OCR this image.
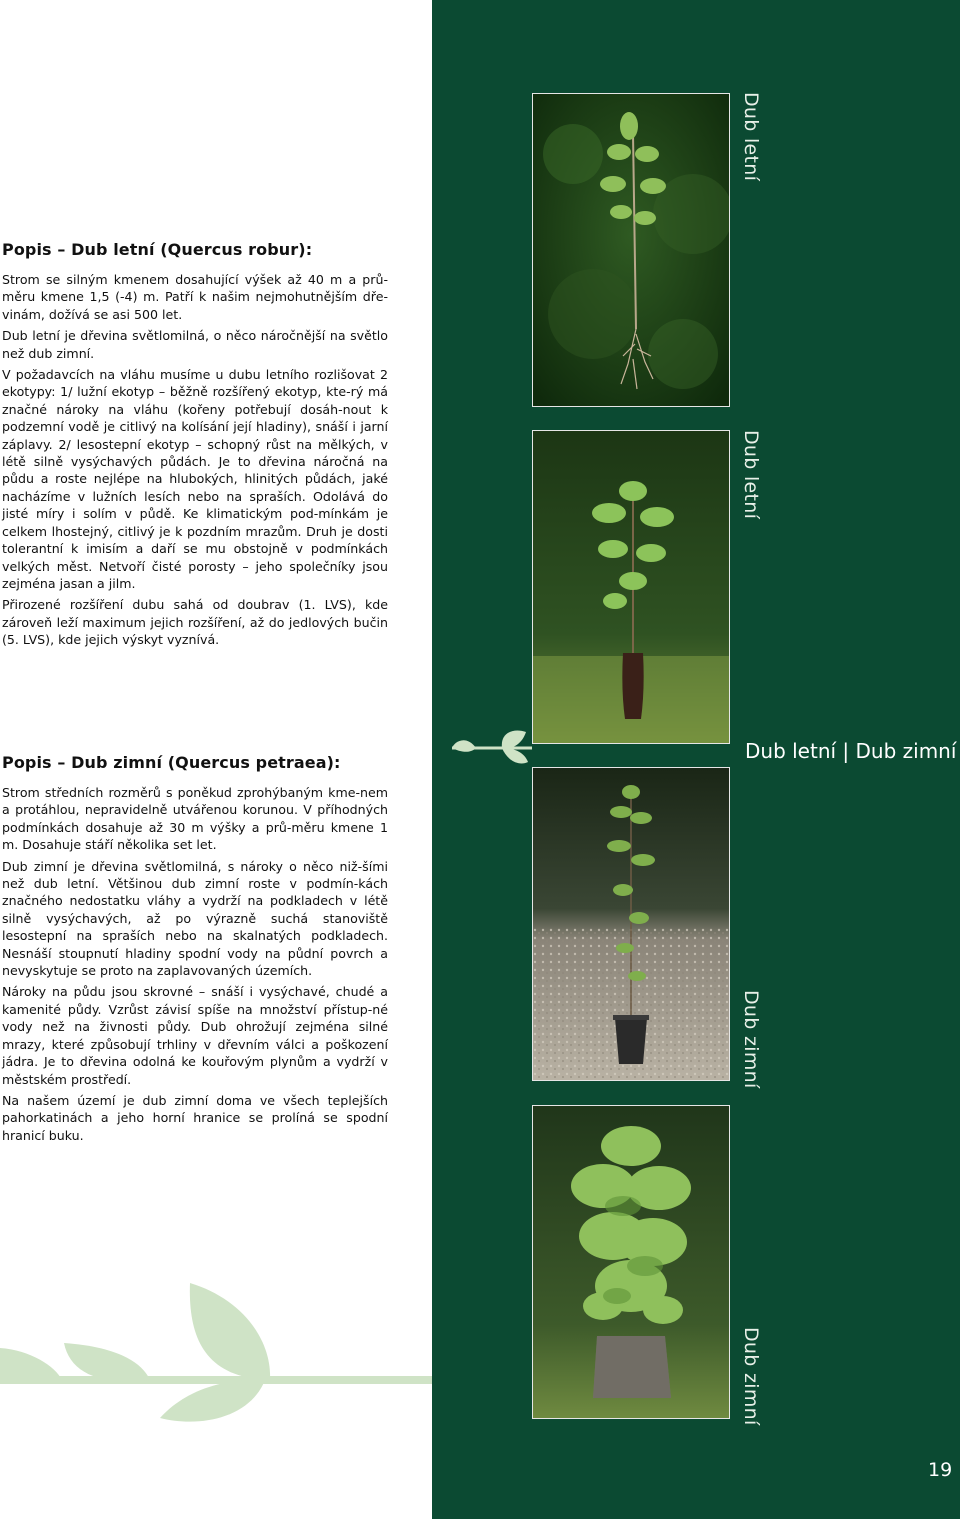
Popis – Dub letní (Quercus robur):

Strom se silným kmenem dosahující výšek až 40 m a prů-měru kmene 1,5 (-4) m. Patří k našim nejmohutnějším dře-vinám, dožívá se asi 500 let.

Dub letní je dřevina světlomilná, o něco náročnější na světlo než dub zimní.

V požadavcích na vláhu musíme u dubu letního rozlišovat 2 ekotypy: 1/ lužní ekotyp – běžně rozšířený ekotyp, kte-rý má značné nároky na vláhu (kořeny potřebují dosáh-nout k podzemní vodě je citlivý na kolísání její hladiny), snáší i jarní záplavy. 2/ lesostepní ekotyp – schopný růst na mělkých, v létě silně vysýchavých půdách. Je to dřevina náročná na půdu a roste nejlépe na hlubokých, hlinitých půdách, jaké nacházíme v lužních lesích nebo na spraších. Odolává do jisté míry i solím v půdě. Ke klimatickým pod-mínkám je celkem lhostejný, citlivý je k pozdním mrazům. Druh je dosti tolerantní k imisím a daří se mu obstojně v podmínkách velkých měst. Netvoří čisté porosty – jeho společníky jsou zejména jasan a jilm.

Přirozené rozšíření dubu sahá od doubrav (1. LVS), kde zároveň leží maximum jejich rozšíření, až do jedlových bučin (5. LVS), kde jejich výskyt vyznívá.

Popis – Dub zimní (Quercus petraea):

Strom středních rozměrů s poněkud zprohýbaným kme-nem a protáhlou, nepravidelně utvářenou korunou. V příhodných podmínkách dosahuje až 30 m výšky a prů-měru kmene 1 m. Dosahuje stáří několika set let.

Dub zimní je dřevina světlomilná, s nároky o něco niž-šími než dub letní. Většinou dub zimní roste v podmín-kách značného nedostatku vláhy a vydrží na podkladech v létě silně vysýchavých, až po výrazně suchá stanoviště lesostepní na spraších nebo na skalnatých podkladech. Nesnáší stoupnutí hladiny spodní vody na půdní povrch a nevyskytuje se proto na zaplavovaných územích.

Nároky na půdu jsou skrovné – snáší i vysýchavé, chudé a kamenité půdy. Vzrůst závisí spíše na množství přístup-né vody než na živnosti půdy. Dub ohrožují zejména silné mrazy, které způsobují trhliny v dřevním válci a poškození jádra. Je to dřevina odolná ke kouřovým plynům a vydrží v městském prostředí.

Na našem území je dub zimní doma ve všech teplejších pahorkatinách a jeho horní hranice se prolíná se spodní hranicí buku.

Dub letní
Dub letní
Dub letní | Dub zimní
Dub zimní
Dub zimní
19
